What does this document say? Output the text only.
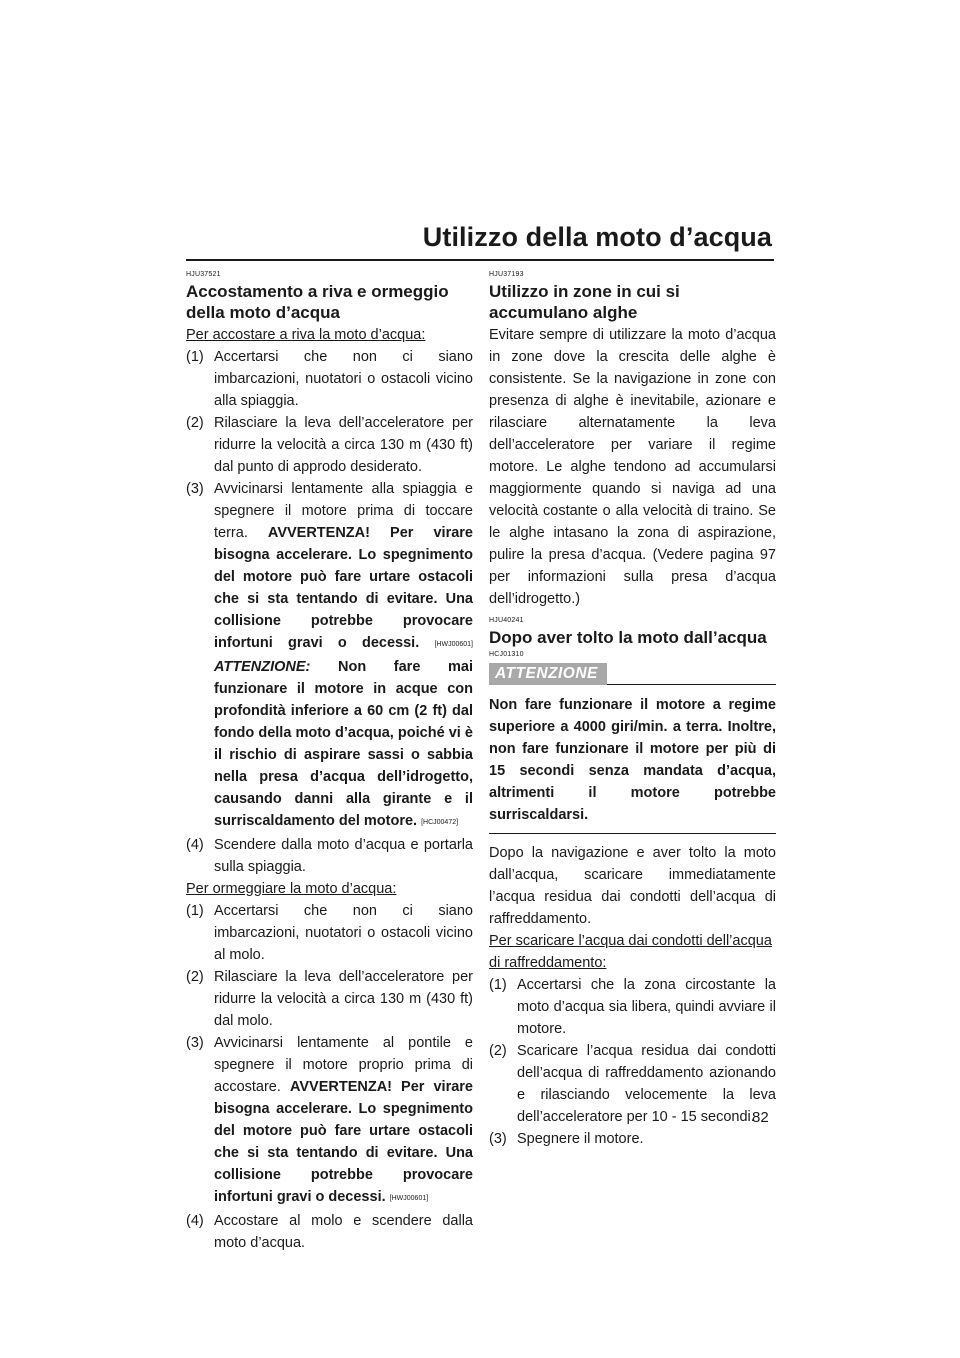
Utilizzo della moto d’acqua
HJU37521
Accostamento a riva e ormeggio della moto d’acqua

Per accostare a riva la moto d’acqua:

(1) Accertarsi che non ci siano imbarcazioni, nuotatori o ostacoli vicino alla spiaggia.
(2) Rilasciare la leva dell’acceleratore per ridurre la velocità a circa 130 m (430 ft) dal punto di approdo desiderato.
(3) Avvicinarsi lentamente alla spiaggia e spegnere il motore prima di toccare terra. AVVERTENZA! Per virare bisogna accelerare. Lo spegnimento del motore può fare urtare ostacoli che si sta tentando di evitare. Una collisione potrebbe provocare infortuni gravi o decessi. [HWJ00601] ATTENZIONE: Non fare mai funzionare il motore in acque con profondità inferiore a 60 cm (2 ft) dal fondo della moto d’acqua, poiché vi è il rischio di aspirare sassi o sabbia nella presa d’acqua dell’idrogetto, causando danni alla girante e il surriscaldamento del motore. [HCJ00472]
(4) Scendere dalla moto d’acqua e portarla sulla spiaggia.

Per ormeggiare la moto d’acqua:

(1) Accertarsi che non ci siano imbarcazioni, nuotatori o ostacoli vicino al molo.
(2) Rilasciare la leva dell’acceleratore per ridurre la velocità a circa 130 m (430 ft) dal molo.
(3) Avvicinarsi lentamente al pontile e spegnere il motore proprio prima di accostare. AVVERTENZA! Per virare bisogna accelerare. Lo spegnimento del motore può fare urtare ostacoli che si sta tentando di evitare. Una collisione potrebbe provocare infortuni gravi o decessi. [HWJ00601]
(4) Accostare al molo e scendere dalla moto d’acqua.
HJU37193
Utilizzo in zone in cui si accumulano alghe

Evitare sempre di utilizzare la moto d’acqua in zone dove la crescita delle alghe è consistente. Se la navigazione in zone con presenza di alghe è inevitabile, azionare e rilasciare alternatamente la leva dell’acceleratore per variare il regime motore. Le alghe tendono ad accumularsi maggiormente quando si naviga ad una velocità costante o alla velocità di traino. Se le alghe intasano la zona di aspirazione, pulire la presa d’acqua. (Vedere pagina 97 per informazioni sulla presa d’acqua dell’idrogetto.)

HJU40241
Dopo aver tolto la moto dall’acqua
HCJ01310
ATTENZIONE

Non fare funzionare il motore a regime superiore a 4000 giri/min. a terra. Inoltre, non fare funzionare il motore per più di 15 secondi senza mandata d’acqua, altrimenti il motore potrebbe surriscaldarsi.

Dopo la navigazione e aver tolto la moto dall’acqua, scaricare immediatamente l’acqua residua dai condotti dell’acqua di raffreddamento.

Per scaricare l’acqua dai condotti dell’acqua di raffreddamento:

(1) Accertarsi che la zona circostante la moto d’acqua sia libera, quindi avviare il motore.
(2) Scaricare l’acqua residua dai condotti dell’acqua di raffreddamento azionando e rilasciando velocemente la leva dell’acceleratore per 10 - 15 secondi.
(3) Spegnere il motore.

82
